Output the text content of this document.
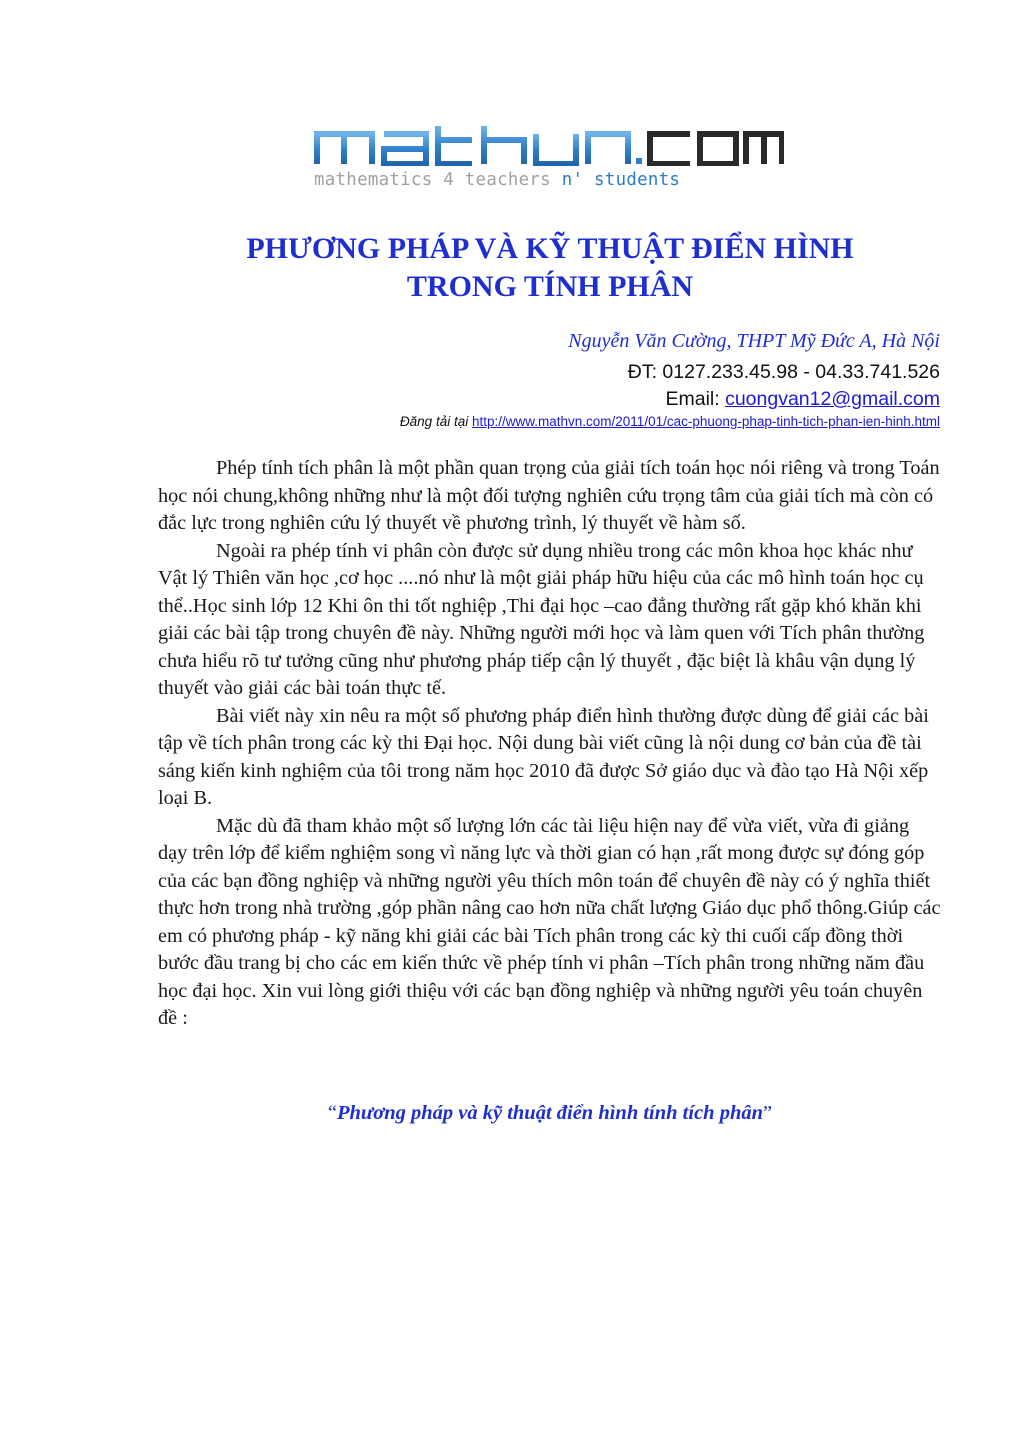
mathematics 4 teachers n' students
PHƯƠNG PHÁP VÀ KỸ THUẬT ĐIỂN HÌNH
TRONG TÍNH PHÂN
Nguyễn Văn Cường, THPT Mỹ Đức A, Hà Nội
ĐT: 0127.233.45.98 - 04.33.741.526
Email: cuongvan12@gmail.com
Đăng tải tại http://www.mathvn.com/2011/01/cac-phuong-phap-tinh-tich-phan-ien-hinh.html

Phép tính tích phân là một phần quan trọng của giải tích toán học nói riêng và trong Toán học nói chung,không những như là một đối tượng nghiên cứu trọng tâm của giải tích mà còn có đắc lực trong nghiên cứu lý thuyết về phương trình, lý thuyết về hàm số.

Ngoài ra phép tính vi phân còn được sử dụng nhiều trong các môn khoa học khác như Vật lý Thiên văn học ,cơ học ....nó như là một giải pháp hữu hiệu của các mô hình toán học cụ thể..Học sinh lớp 12 Khi ôn thi tốt nghiệp ,Thi đại học –cao đẳng thường rất gặp khó khăn khi giải các bài tập trong chuyên đề này. Những người mới học và làm quen với Tích phân thường chưa hiểu rõ tư tưởng cũng như phương pháp tiếp cận lý thuyết , đặc biệt là khâu vận dụng lý thuyết vào giải các bài toán thực tế.

Bài viết này xin nêu ra một số phương pháp điển hình thường được dùng để giải các bài tập về tích phân trong các kỳ thi Đại học. Nội dung bài viết cũng là nội dung cơ bản của đề tài sáng kiến kinh nghiệm của tôi trong năm học 2010 đã được Sở giáo dục và đào tạo Hà Nội xếp loại B.

Mặc dù đã tham khảo một số lượng lớn các tài liệu hiện nay để vừa viết, vừa đi giảng dạy trên lớp để kiểm nghiệm song vì năng lực và thời gian có hạn ,rất mong được sự đóng góp của các bạn đồng nghiệp và những người yêu thích môn toán để chuyên đề này có ý nghĩa thiết thực hơn trong nhà trường ,góp phần nâng cao hơn nữa chất lượng Giáo dục phổ thông.Giúp các em có phương pháp - kỹ năng khi giải các bài Tích phân trong các kỳ thi cuối cấp đồng thời bước đầu trang bị cho các em kiến thức về phép tính vi phân –Tích phân trong những năm đầu học đại học. Xin vui lòng giới thiệu với các bạn đồng nghiệp và những người yêu toán chuyên đề :

“Phương pháp và kỹ thuật điển hình tính tích phân”
